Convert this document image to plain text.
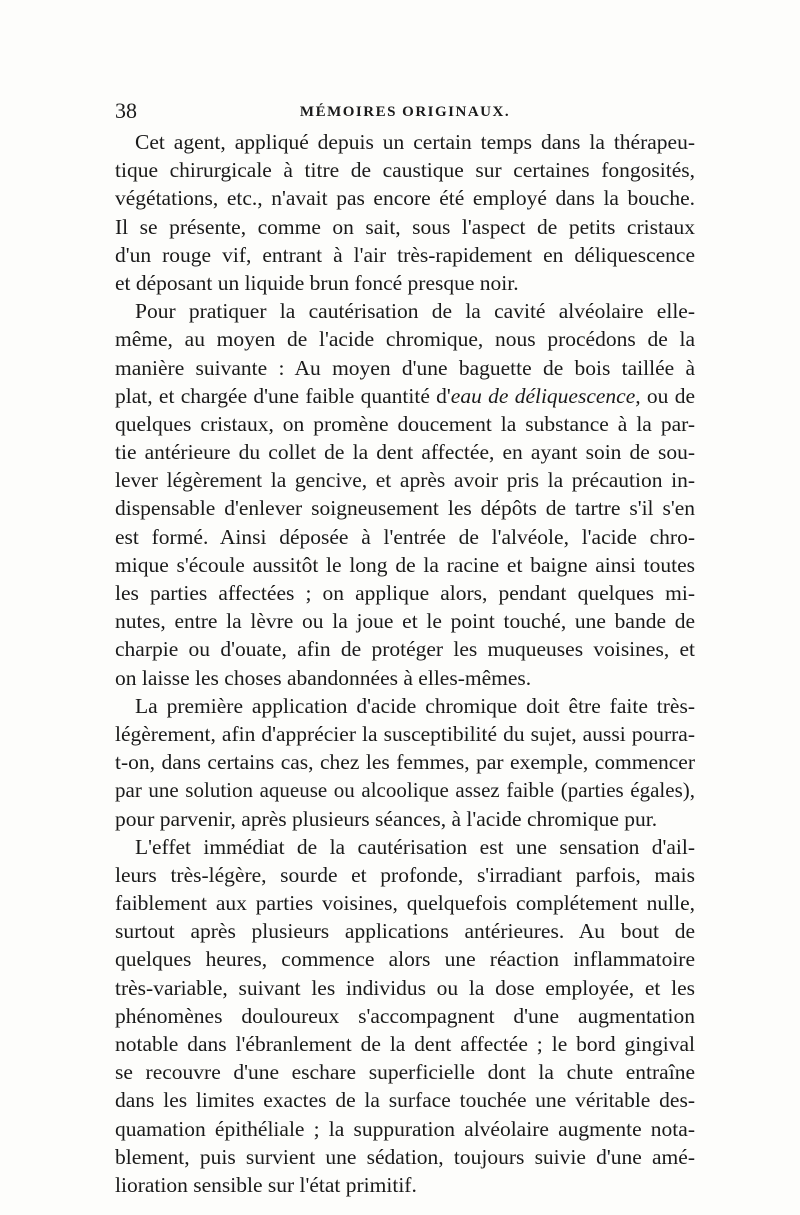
38	MÉMOIRES ORIGINAUX.
Cet agent, appliqué depuis un certain temps dans la thérapeu-
tique chirurgicale à titre de caustique sur certaines fongosités,
végétations, etc., n'avait pas encore été employé dans la bouche.
Il se présente, comme on sait, sous l'aspect de petits cristaux
d'un rouge vif, entrant à l'air très-rapidement en déliquescence
et déposant un liquide brun foncé presque noir.
Pour pratiquer la cautérisation de la cavité alvéolaire elle-
même, au moyen de l'acide chromique, nous procédons de la
manière suivante : Au moyen d'une baguette de bois taillée à
plat, et chargée d'une faible quantité d'eau de déliquescence, ou de
quelques cristaux, on promène doucement la substance à la par-
tie antérieure du collet de la dent affectée, en ayant soin de sou-
lever légèrement la gencive, et après avoir pris la précaution in-
dispensable d'enlever soigneusement les dépôts de tartre s'il s'en
est formé. Ainsi déposée à l'entrée de l'alvéole, l'acide chro-
mique s'écoule aussitôt le long de la racine et baigne ainsi toutes
les parties affectées ; on applique alors, pendant quelques mi-
nutes, entre la lèvre ou la joue et le point touché, une bande de
charpie ou d'ouate, afin de protéger les muqueuses voisines, et
on laisse les choses abandonnées à elles-mêmes.
La première application d'acide chromique doit être faite très-
légèrement, afin d'apprécier la susceptibilité du sujet, aussi pourra-
t-on, dans certains cas, chez les femmes, par exemple, commencer
par une solution aqueuse ou alcoolique assez faible (parties égales),
pour parvenir, après plusieurs séances, à l'acide chromique pur.
L'effet immédiat de la cautérisation est une sensation d'ail-
leurs très-légère, sourde et profonde, s'irradiant parfois, mais
faiblement aux parties voisines, quelquefois complétement nulle,
surtout après plusieurs applications antérieures. Au bout de
quelques heures, commence alors une réaction inflammatoire
très-variable, suivant les individus ou la dose employée, et les
phénomènes douloureux s'accompagnent d'une augmentation
notable dans l'ébranlement de la dent affectée ; le bord gingival
se recouvre d'une eschare superficielle dont la chute entraîne
dans les limites exactes de la surface touchée une véritable des-
quamation épithéliale ; la suppuration alvéolaire augmente nota-
blement, puis survient une sédation, toujours suivie d'une amé-
lioration sensible sur l'état primitif.
